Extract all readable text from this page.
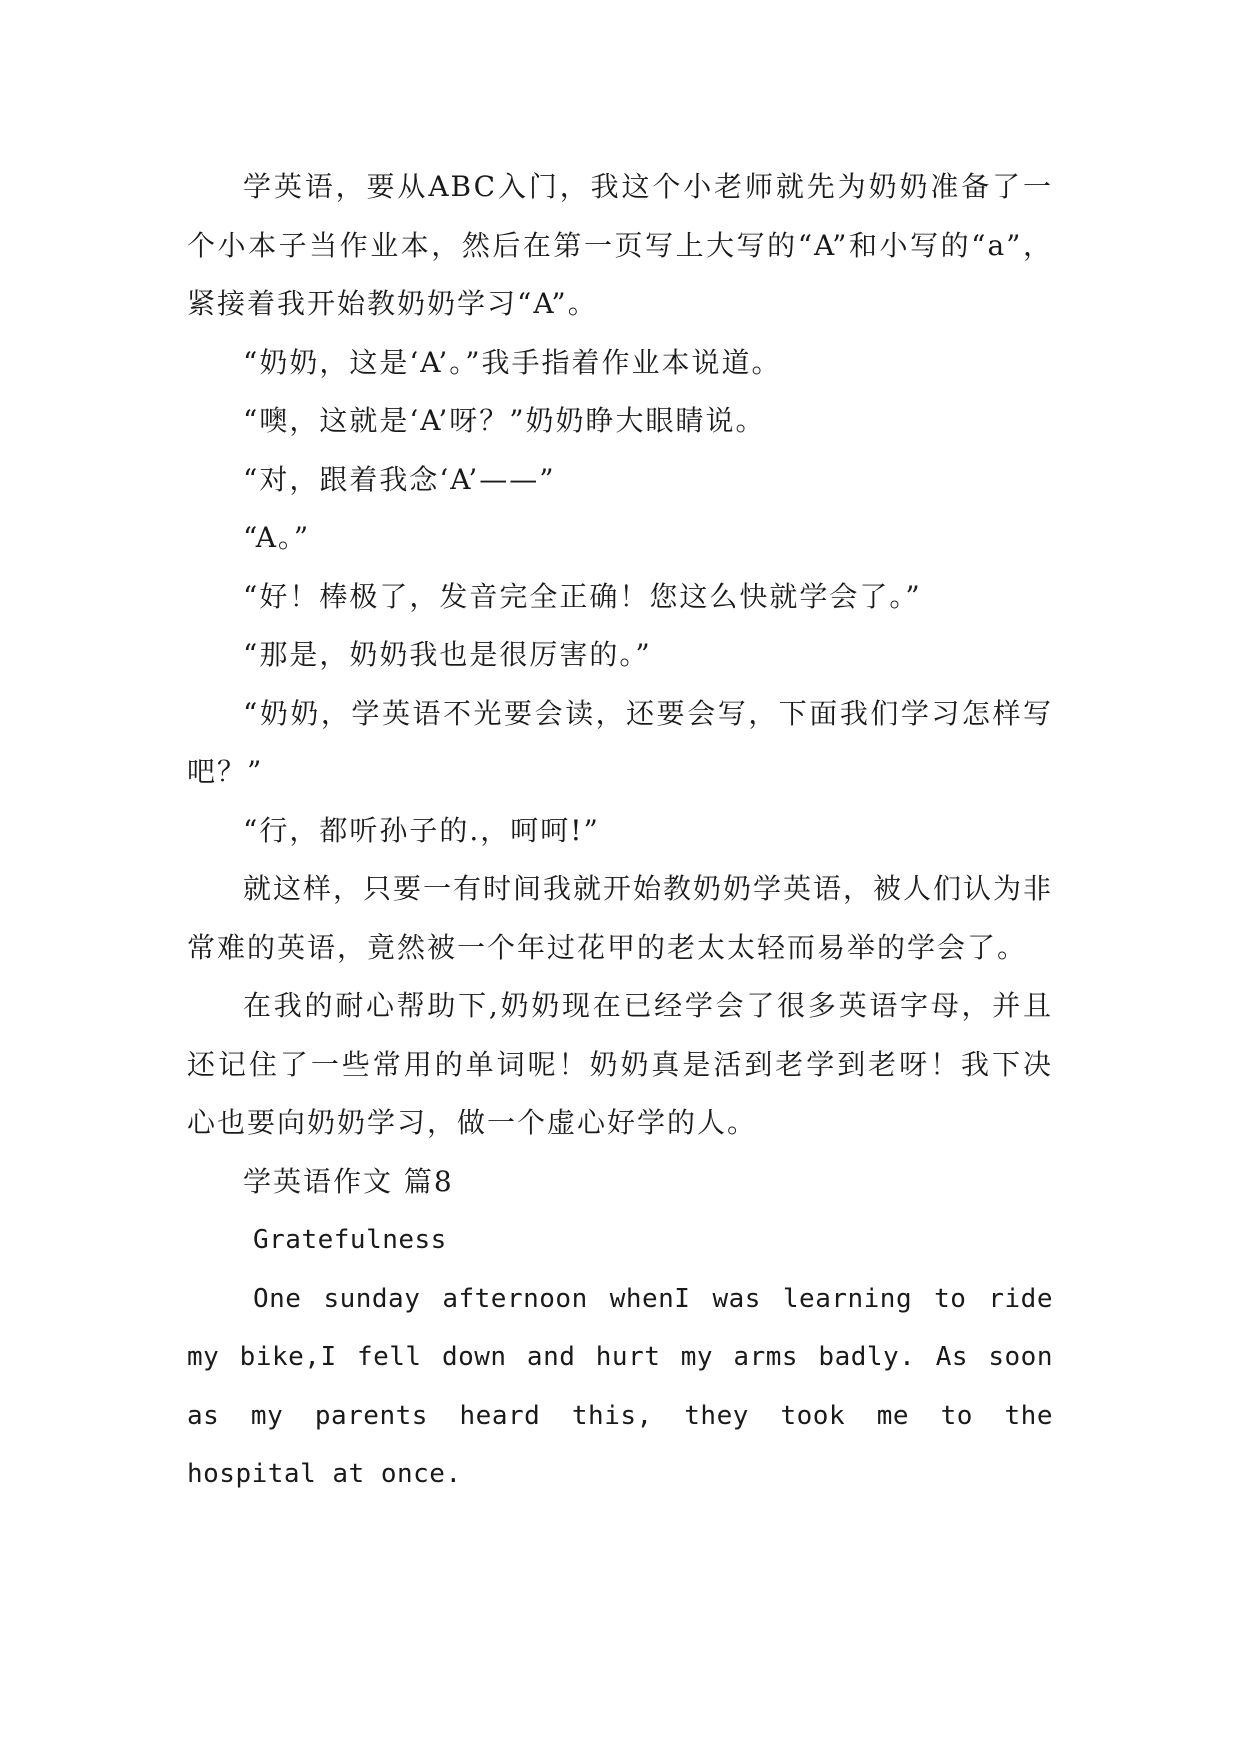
学英语，要从ABC入门，我这个小老师就先为奶奶准备了一个小本子当作业本，然后在第一页写上大写的“A”和小写的“a”，紧接着我开始教奶奶学习“A”。

“奶奶，这是‘A’。”我手指着作业本说道。

“噢，这就是‘A’呀？”奶奶睁大眼睛说。

“对，跟着我念‘A’——”

“A。”

“好！棒极了，发音完全正确！您这么快就学会了。”

“那是，奶奶我也是很厉害的。”

“奶奶，学英语不光要会读，还要会写，下面我们学习怎样写吧？”

“行，都听孙子的.，呵呵!”

就这样，只要一有时间我就开始教奶奶学英语，被人们认为非常难的英语，竟然被一个年过花甲的老太太轻而易举的学会了。

在我的耐心帮助下,奶奶现在已经学会了很多英语字母，并且还记住了一些常用的单词呢！奶奶真是活到老学到老呀！我下决心也要向奶奶学习，做一个虚心好学的人。

学英语作文 篇8

Gratefulness

One sunday afternoon whenI was learning to ride my bike,I fell down and hurt my arms badly. As soon as my parents heard this, they took me to the hospital at once.
